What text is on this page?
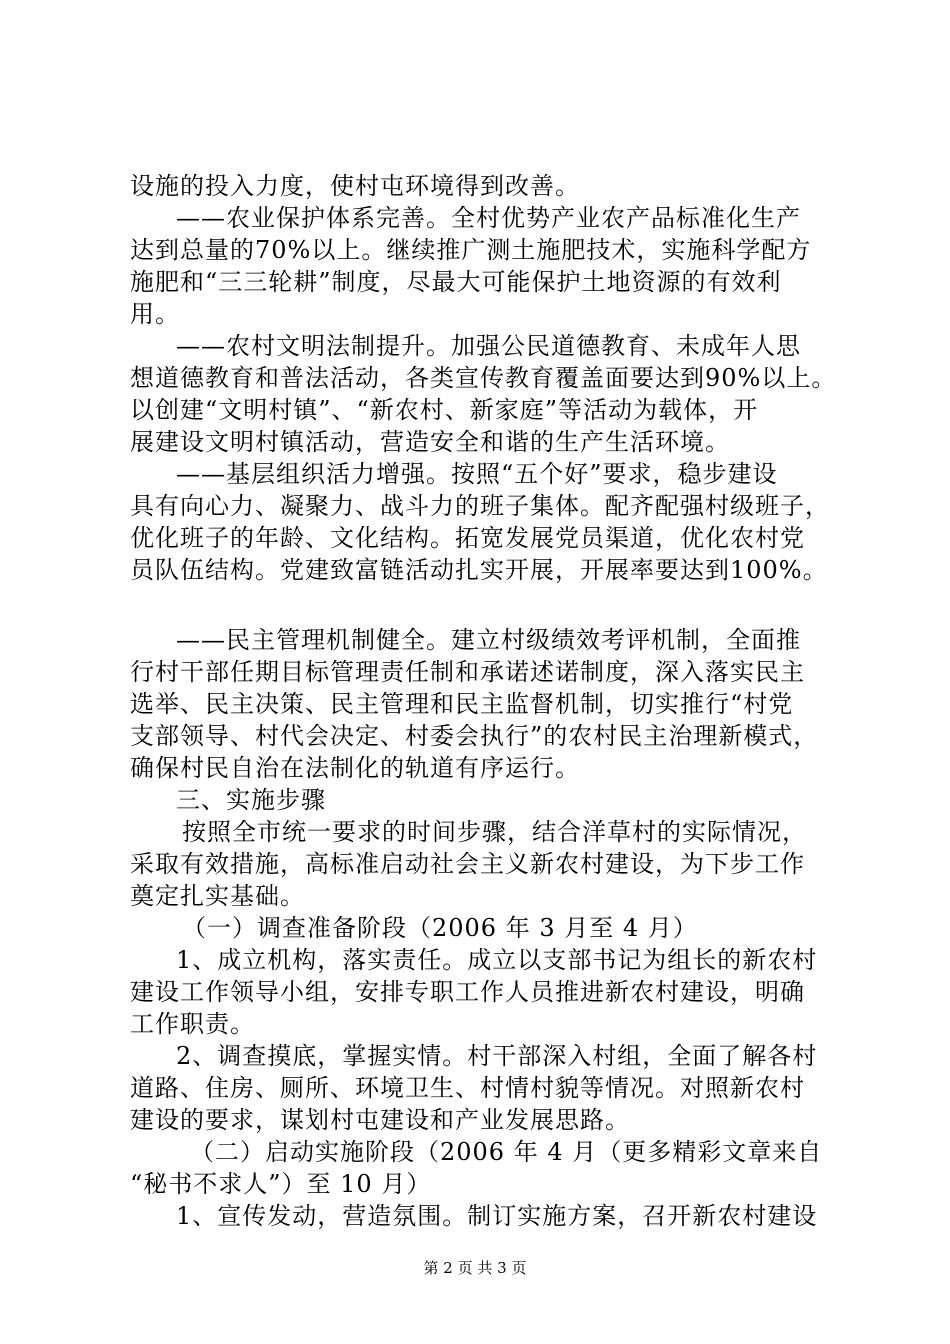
设施的投入力度，使村屯环境得到改善。

——农业保护体系完善。全村优势产业农产品标准化生产

达到总量的70%以上。继续推广测土施肥技术，实施科学配方

施肥和“三三轮耕”制度，尽最大可能保护土地资源的有效利

用。

——农村文明法制提升。加强公民道德教育、未成年人思

想道德教育和普法活动，各类宣传教育覆盖面要达到90%以上。

以创建“文明村镇”、“新农村、新家庭”等活动为载体，开

展建设文明村镇活动，营造安全和谐的生产生活环境。

——基层组织活力增强。按照“五个好”要求，稳步建设

具有向心力、凝聚力、战斗力的班子集体。配齐配强村级班子，

优化班子的年龄、文化结构。拓宽发展党员渠道，优化农村党

员队伍结构。党建致富链活动扎实开展，开展率要达到100%。

——民主管理机制健全。建立村级绩效考评机制，全面推

行村干部任期目标管理责任制和承诺述诺制度，深入落实民主

选举、民主决策、民主管理和民主监督机制，切实推行“村党

支部领导、村代会决定、村委会执行”的农村民主治理新模式，

确保村民自治在法制化的轨道有序运行。

三、实施步骤

按照全市统一要求的时间步骤，结合洋草村的实际情况，

采取有效措施，高标准启动社会主义新农村建设，为下步工作

奠定扎实基础。

（一）调查准备阶段（2006 年 3 月至 4 月）

1、成立机构，落实责任。成立以支部书记为组长的新农村

建设工作领导小组，安排专职工作人员推进新农村建设，明确

工作职责。

2、调查摸底，掌握实情。村干部深入村组，全面了解各村

道路、住房、厕所、环境卫生、村情村貌等情况。对照新农村

建设的要求，谋划村屯建设和产业发展思路。

（二）启动实施阶段（2006 年 4 月（更多精彩文章来自

“秘书不求人”）至 10 月）

1、宣传发动，营造氛围。制订实施方案，召开新农村建设

第 2 页 共 3 页
